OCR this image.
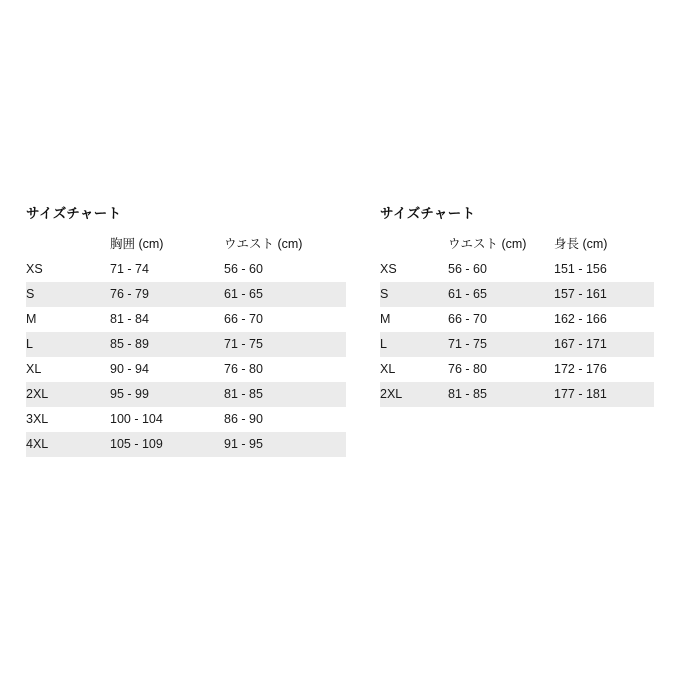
サイズチャート
	胸囲 (cm)	ウエスト (cm)
XS	71 - 74	56 - 60
S	76 - 79	61 - 65
M	81 - 84	66 - 70
L	85 - 89	71 - 75
XL	90 - 94	76 - 80
2XL	95 - 99	81 - 85
3XL	100 - 104	86 - 90
4XL	105 - 109	91 - 95
サイズチャート
	ウエスト (cm)	身長 (cm)
XS	56 - 60	151 - 156
S	61 - 65	157 - 161
M	66 - 70	162 - 166
L	71 - 75	167 - 171
XL	76 - 80	172 - 176
2XL	81 - 85	177 - 181
